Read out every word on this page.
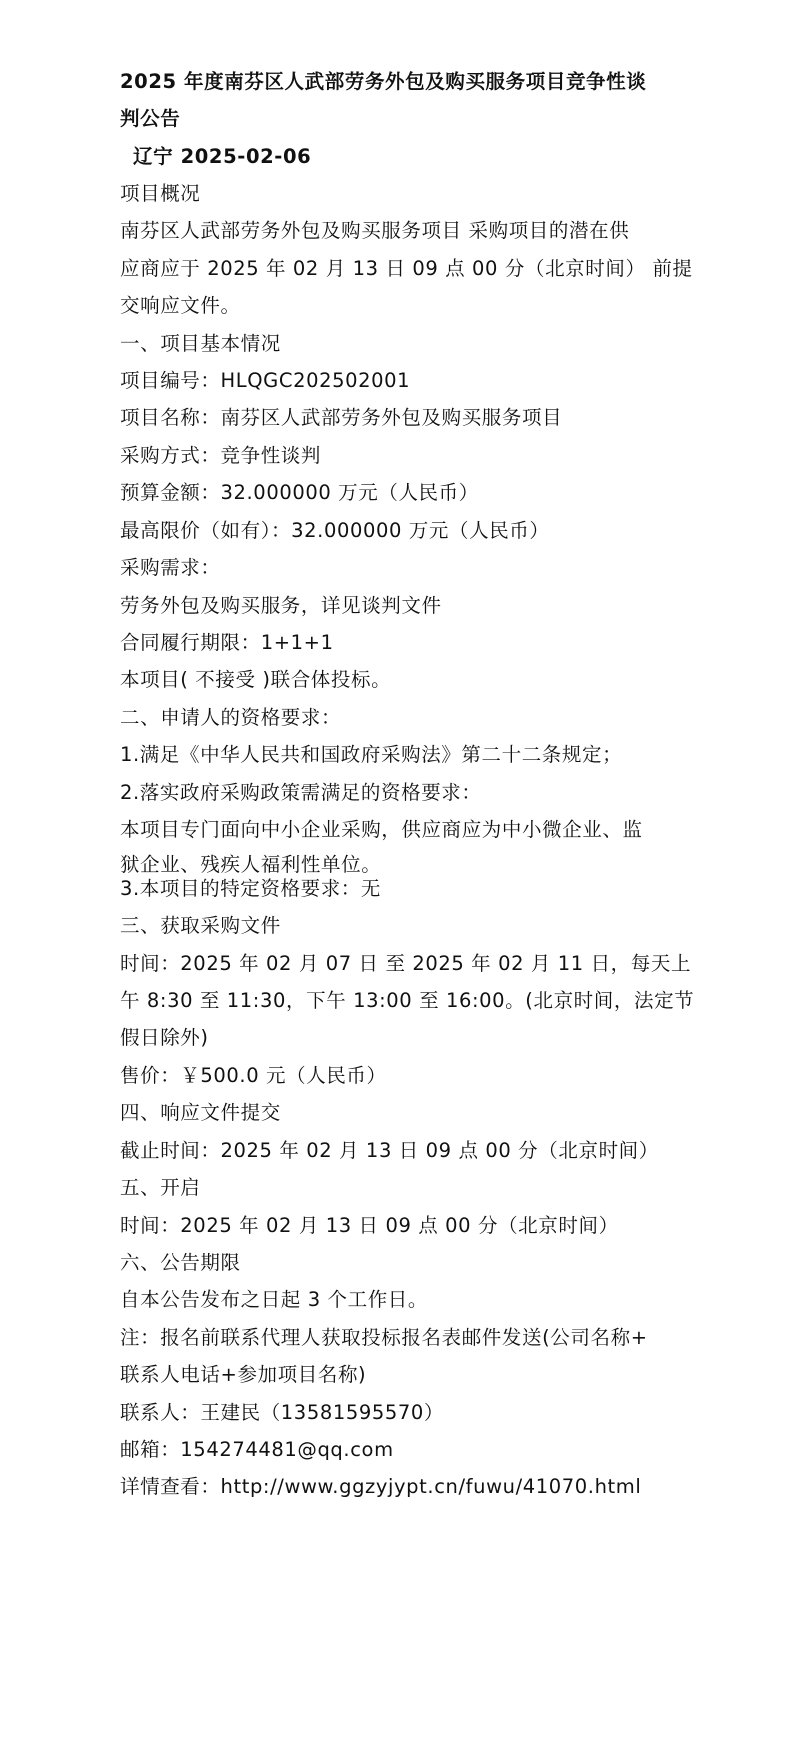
2025 年度南芬区人武部劳务外包及购买服务项目竞争性谈
判公告
辽宁 2025-02-06
项目概况
南芬区人武部劳务外包及购买服务项目 采购项目的潜在供
应商应于 2025 年 02 月 13 日 09 点 00 分（北京时间） 前提
交响应文件。
一、项目基本情况
项目编号：HLQGC202502001
项目名称：南芬区人武部劳务外包及购买服务项目
采购方式：竞争性谈判
预算金额：32.000000 万元（人民币）
最高限价（如有）：32.000000 万元（人民币）
采购需求：
劳务外包及购买服务，详见谈判文件
合同履行期限：1+1+1
本项目( 不接受 )联合体投标。
二、申请人的资格要求：
1.满足《中华人民共和国政府采购法》第二十二条规定；
2.落实政府采购政策需满足的资格要求：
本项目专门面向中小企业采购，供应商应为中小微企业、监
狱企业、残疾人福利性单位。
3.本项目的特定资格要求：无
三、获取采购文件
时间：2025 年 02 月 07 日 至 2025 年 02 月 11 日，每天上
午 8:30 至 11:30，下午 13:00 至 16:00。(北京时间，法定节
假日除外)
售价：￥500.0 元（人民币）
四、响应文件提交
截止时间：2025 年 02 月 13 日 09 点 00 分（北京时间）
五、开启
时间：2025 年 02 月 13 日 09 点 00 分（北京时间）
六、公告期限
自本公告发布之日起 3 个工作日。
注：报名前联系代理人获取投标报名表邮件发送(公司名称+
联系人电话+参加项目名称)
联系人：王建民（13581595570）
邮箱：154274481@qq.com
详情查看：http://www.ggzyjypt.cn/fuwu/41070.html
